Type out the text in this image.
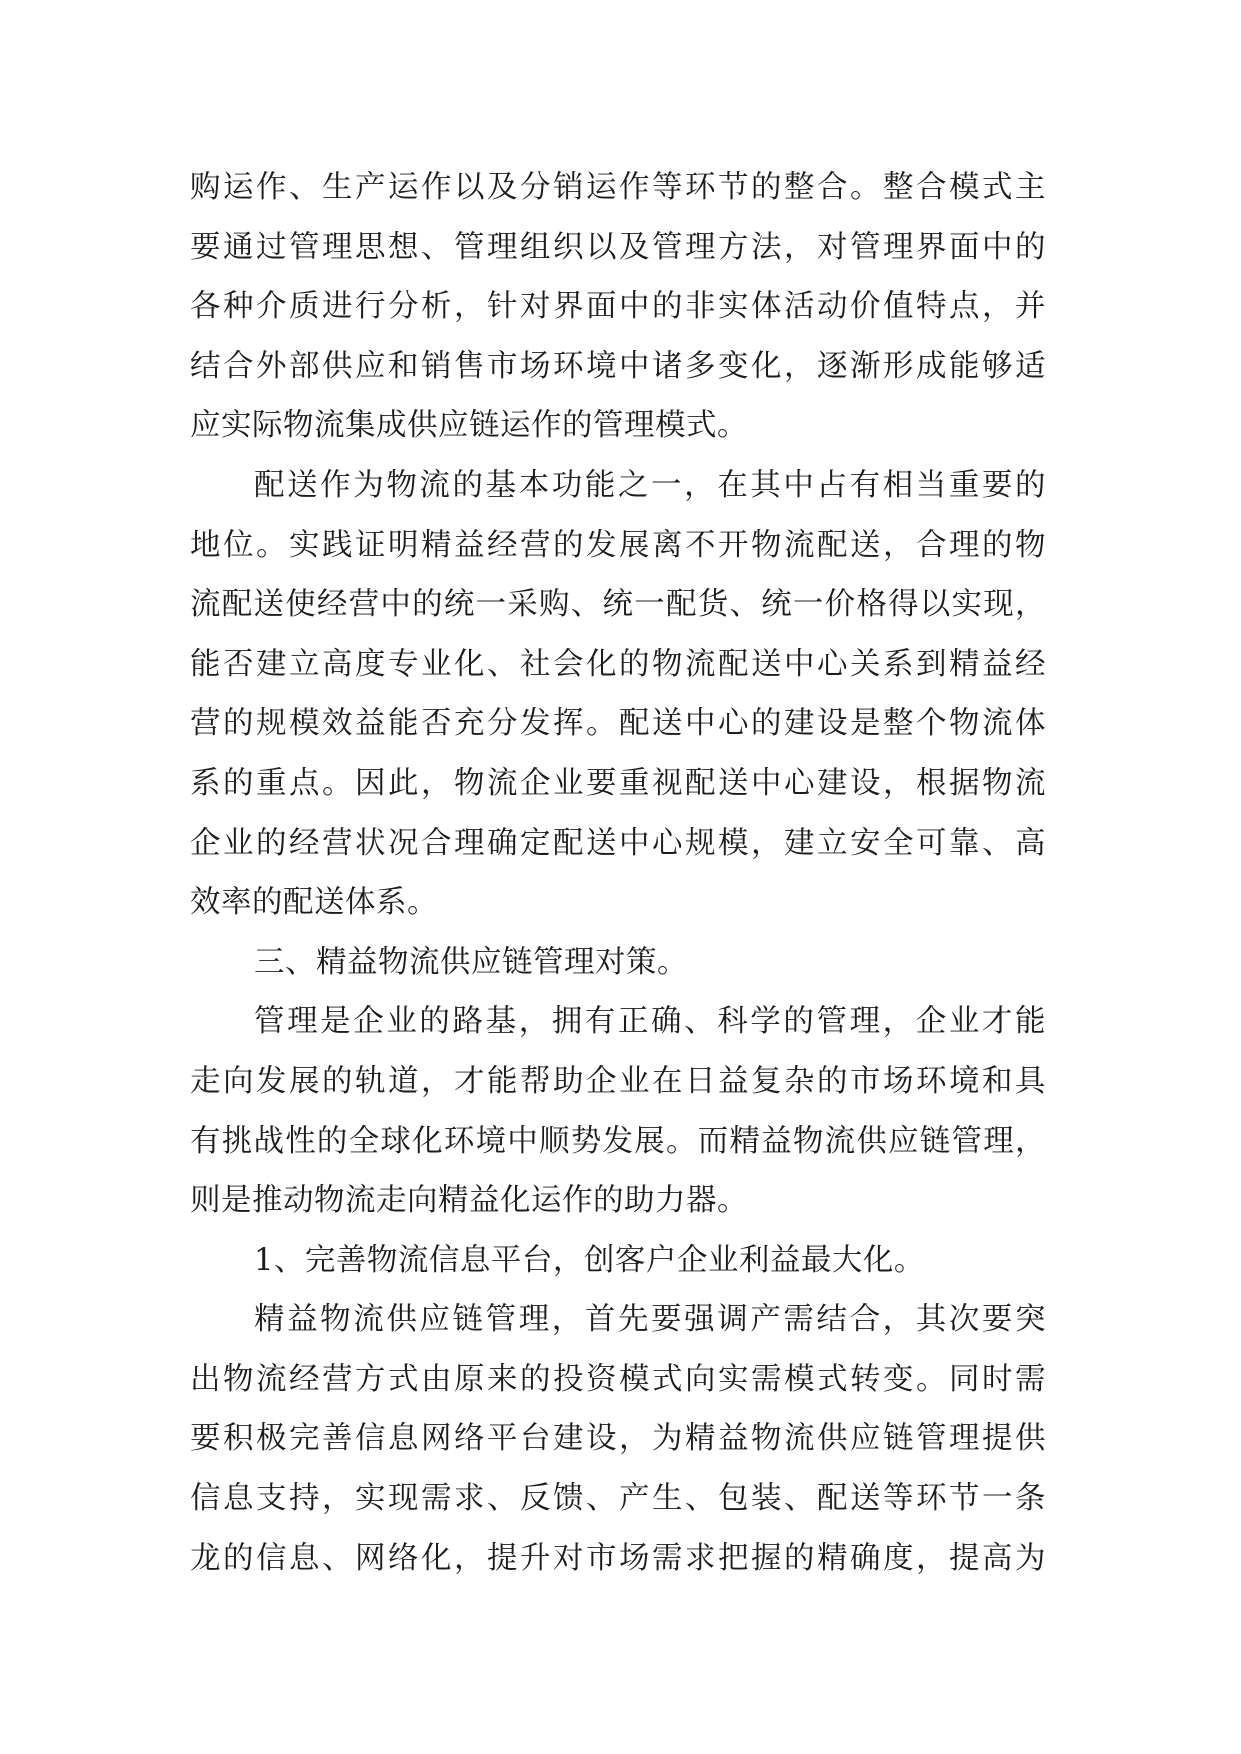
购运作、生产运作以及分销运作等环节的整合。整合模式主
要通过管理思想、管理组织以及管理方法，对管理界面中的
各种介质进行分析，针对界面中的非实体活动价值特点，并
结合外部供应和销售市场环境中诸多变化，逐渐形成能够适
应实际物流集成供应链运作的管理模式。
配送作为物流的基本功能之一，在其中占有相当重要的
地位。实践证明精益经营的发展离不开物流配送，合理的物
流配送使经营中的统一采购、统一配货、统一价格得以实现，
能否建立高度专业化、社会化的物流配送中心关系到精益经
营的规模效益能否充分发挥。配送中心的建设是整个物流体
系的重点。因此，物流企业要重视配送中心建设，根据物流
企业的经营状况合理确定配送中心规模，建立安全可靠、高
效率的配送体系。
三、精益物流供应链管理对策。
管理是企业的路基，拥有正确、科学的管理，企业才能
走向发展的轨道，才能帮助企业在日益复杂的市场环境和具
有挑战性的全球化环境中顺势发展。而精益物流供应链管理，
则是推动物流走向精益化运作的助力器。
1、完善物流信息平台，创客户企业利益最大化。
精益物流供应链管理，首先要强调产需结合，其次要突
出物流经营方式由原来的投资模式向实需模式转变。同时需
要积极完善信息网络平台建设，为精益物流供应链管理提供
信息支持，实现需求、反馈、产生、包装、配送等环节一条
龙的信息、网络化，提升对市场需求把握的精确度，提高为
